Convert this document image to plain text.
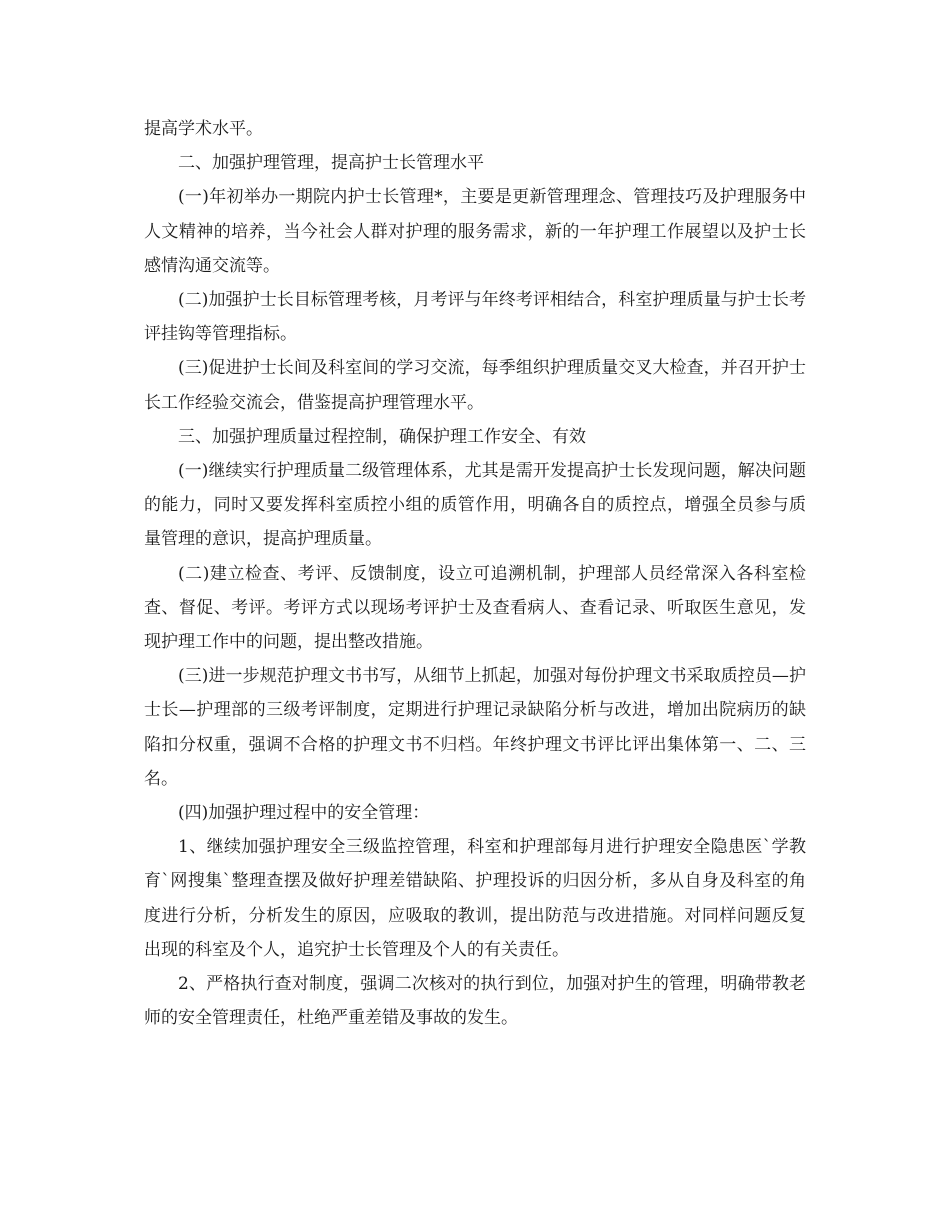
提高学术水平。

二、加强护理管理，提高护士长管理水平

(一)年初举办一期院内护士长管理*，主要是更新管理理念、管理技巧及护理服务中人文精神的培养，当今社会人群对护理的服务需求，新的一年护理工作展望以及护士长感情沟通交流等。

(二)加强护士长目标管理考核，月考评与年终考评相结合，科室护理质量与护士长考评挂钩等管理指标。

(三)促进护士长间及科室间的学习交流，每季组织护理质量交叉大检查，并召开护士长工作经验交流会，借鉴提高护理管理水平。

三、加强护理质量过程控制，确保护理工作安全、有效

(一)继续实行护理质量二级管理体系，尤其是需开发提高护士长发现问题，解决问题的能力，同时又要发挥科室质控小组的质管作用，明确各自的质控点，增强全员参与质量管理的意识，提高护理质量。

(二)建立检查、考评、反馈制度，设立可追溯机制，护理部人员经常深入各科室检查、督促、考评。考评方式以现场考评护士及查看病人、查看记录、听取医生意见，发现护理工作中的问题，提出整改措施。

(三)进一步规范护理文书书写，从细节上抓起，加强对每份护理文书采取质控员—护士长—护理部的三级考评制度，定期进行护理记录缺陷分析与改进，增加出院病历的缺陷扣分权重，强调不合格的护理文书不归档。年终护理文书评比评出集体第一、二、三名。

(四)加强护理过程中的安全管理：

1、继续加强护理安全三级监控管理，科室和护理部每月进行护理安全隐患医`学教育`网搜集`整理查摆及做好护理差错缺陷、护理投诉的归因分析，多从自身及科室的角度进行分析，分析发生的原因，应吸取的教训，提出防范与改进措施。对同样问题反复出现的科室及个人，追究护士长管理及个人的有关责任。

2、严格执行查对制度，强调二次核对的执行到位，加强对护生的管理，明确带教老师的安全管理责任，杜绝严重差错及事故的发生。
